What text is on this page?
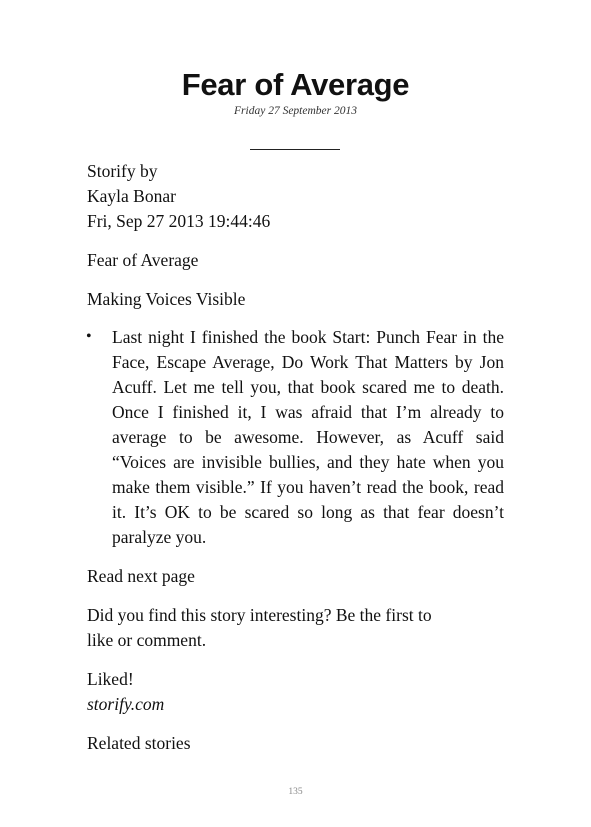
Fear of Average
Friday 27 September 2013

Storify by

Kayla Bonar

Fri, Sep 27 2013 19:44:46

Fear of Average

Making Voices Visible

• Last night I finished the book Start: Punch Fear in the Face, Escape Average, Do Work That Matters by Jon Acuff. Let me tell you, that book scared me to death. Once I finished it, I was afraid that I’m already to average to be awesome. However, as Acuff said “Voices are invisible bullies, and they hate when you make them visible.” If you haven’t read the book, read it. It’s OK to be scared so long as that fear doesn’t paralyze you.

Read next page

Did you find this story interesting? Be the first to

like or comment.

Liked!

storify.com

Related stories

135
